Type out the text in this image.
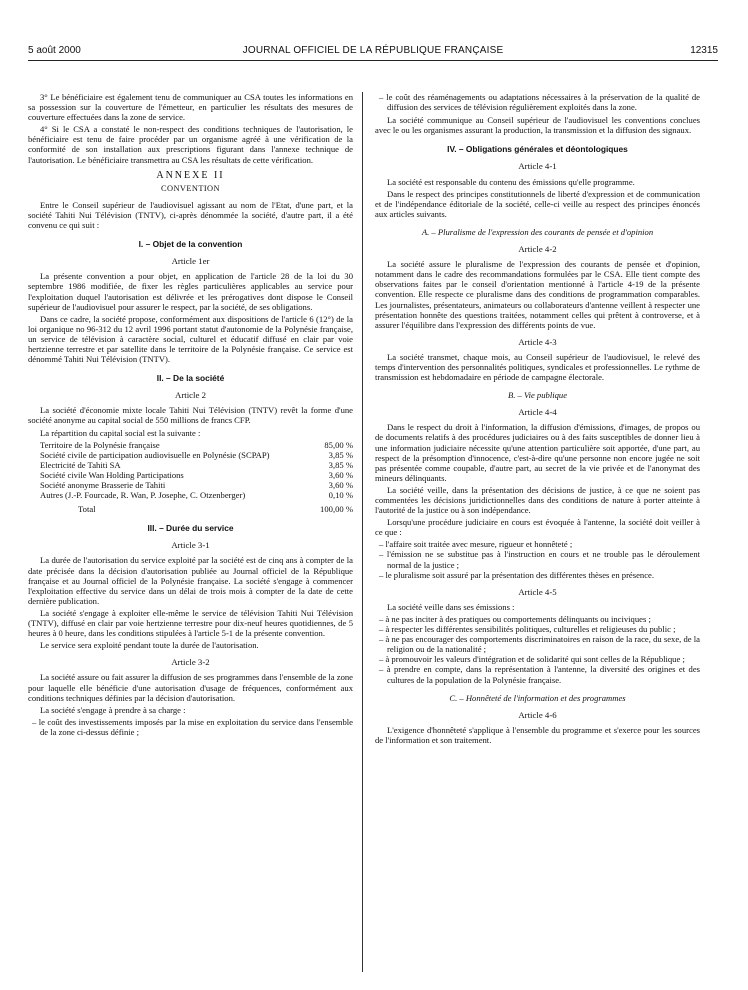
5 août 2000	JOURNAL OFFICIEL DE LA RÉPUBLIQUE FRANÇAISE	12315

3° Le bénéficiaire est également tenu de communiquer au CSA toutes les informations en sa possession sur la couverture de l'émetteur, en particulier les résultats des mesures de couverture effectuées dans la zone de service.

4° Si le CSA a constaté le non-respect des conditions techniques de l'autorisation, le bénéficiaire est tenu de faire procéder par un organisme agréé à une vérification de la conformité de son installation aux prescriptions figurant dans l'annexe technique de l'autorisation. Le bénéficiaire transmettra au CSA les résultats de cette vérification.

ANNEXE II
CONVENTION

Entre le Conseil supérieur de l'audiovisuel agissant au nom de l'Etat, d'une part, et la société Tahiti Nui Télévision (TNTV), ci-après dénommée la société, d'autre part, il a été convenu ce qui suit :

I. – Objet de la convention
Article 1er

La présente convention a pour objet, en application de l'article 28 de la loi du 30 septembre 1986 modifiée, de fixer les règles particulières applicables au service pour l'exploitation duquel l'autorisation est délivrée et les prérogatives dont dispose le Conseil supérieur de l'audiovisuel pour assurer le respect, par la société, de ses obligations.

Dans ce cadre, la société propose, conformément aux dispositions de l'article 6 (12°) de la loi organique no 96-312 du 12 avril 1996 portant statut d'autonomie de la Polynésie française, un service de télévision à caractère social, culturel et éducatif diffusé en clair par voie hertzienne terrestre et par satellite dans le territoire de la Polynésie française. Ce service est dénommé Tahiti Nui Télévision (TNTV).

II. – De la société
Article 2

La société d'économie mixte locale Tahiti Nui Télévision (TNTV) revêt la forme d'une société anonyme au capital social de 550 millions de francs CFP.

La répartition du capital social est la suivante :

Territoire de la Polynésie française		85,00 %
Société civile de participation audiovisuelle en Polynésie (SCPAP)		3,85 %
Electricité de Tahiti SA		3,85 %
Société civile Wan Holding Participations		3,60 %
Société anonyme Brasserie de Tahiti		3,60 %
Autres (J.-P. Fourcade, R. Wan, P. Josephe, C. Otzenberger)		0,10 %
Total		100,00 %
III. – Durée du service
Article 3-1

La durée de l'autorisation du service exploité par la société est de cinq ans à compter de la date précisée dans la décision d'autorisation publiée au Journal officiel de la République française et au Journal officiel de la Polynésie française. La société s'engage à commencer l'exploitation effective du service dans un délai de trois mois à compter de la date de cette dernière publication.

La société s'engage à exploiter elle-même le service de télévision Tahiti Nui Télévision (TNTV), diffusé en clair par voie hertzienne terrestre pour dix-neuf heures quotidiennes, de 5 heures à 0 heure, dans les conditions stipulées à l'article 5-1 de la présente convention.

Le service sera exploité pendant toute la durée de l'autorisation.

Article 3-2

La société assure ou fait assurer la diffusion de ses programmes dans l'ensemble de la zone pour laquelle elle bénéficie d'une autorisation d'usage de fréquences, conformément aux conditions techniques définies par la décision d'autorisation.

La société s'engage à prendre à sa charge :

– le coût des investissements imposés par la mise en exploitation du service dans l'ensemble de la zone ci-dessus définie ;
– le coût des réaménagements ou adaptations nécessaires à la préservation de la qualité de diffusion des services de télévision régulièrement exploités dans la zone.

La société communique au Conseil supérieur de l'audiovisuel les conventions conclues avec le ou les organismes assurant la production, la transmission et la diffusion des signaux.

IV. – Obligations générales et déontologiques
Article 4-1

La société est responsable du contenu des émissions qu'elle programme.

Dans le respect des principes constitutionnels de liberté d'expression et de communication et de l'indépendance éditoriale de la société, celle-ci veille au respect des principes énoncés aux articles suivants.

A. – Pluralisme de l'expression des courants de pensée et d'opinion
Article 4-2

La société assure le pluralisme de l'expression des courants de pensée et d'opinion, notamment dans le cadre des recommandations formulées par le CSA. Elle tient compte des observations faites par le conseil d'orientation mentionné à l'article 4-19 de la présente convention. Elle respecte ce pluralisme dans des conditions de programmation comparables. Les journalistes, présentateurs, animateurs ou collaborateurs d'antenne veillent à respecter une présentation honnête des questions traitées, notamment celles qui prêtent à controverse, et à assurer l'équilibre dans l'expression des différents points de vue.

Article 4-3

La société transmet, chaque mois, au Conseil supérieur de l'audiovisuel, le relevé des temps d'intervention des personnalités politiques, syndicales et professionnelles. Le rythme de transmission est hebdomadaire en période de campagne électorale.

B. – Vie publique
Article 4-4

Dans le respect du droit à l'information, la diffusion d'émissions, d'images, de propos ou de documents relatifs à des procédures judiciaires ou à des faits susceptibles de donner lieu à une information judiciaire nécessite qu'une attention particulière soit apportée, d'une part, au respect de la présomption d'innocence, c'est-à-dire qu'une personne non encore jugée ne soit pas présentée comme coupable, d'autre part, au secret de la vie privée et de l'anonymat des mineurs délinquants.

La société veille, dans la présentation des décisions de justice, à ce que ne soient pas commentées les décisions juridictionnelles dans des conditions de nature à porter atteinte à l'autorité de la justice ou à son indépendance.

Lorsqu'une procédure judiciaire en cours est évoquée à l'antenne, la société doit veiller à ce que :

– l'affaire soit traitée avec mesure, rigueur et honnêteté ;
– l'émission ne se substitue pas à l'instruction en cours et ne trouble pas le déroulement normal de la justice ;
– le pluralisme soit assuré par la présentation des différentes thèses en présence.
Article 4-5

La société veille dans ses émissions :

– à ne pas inciter à des pratiques ou comportements délinquants ou inciviques ;
– à respecter les différentes sensibilités politiques, culturelles et religieuses du public ;
– à ne pas encourager des comportements discriminatoires en raison de la race, du sexe, de la religion ou de la nationalité ;
– à promouvoir les valeurs d'intégration et de solidarité qui sont celles de la République ;
– à prendre en compte, dans la représentation à l'antenne, la diversité des origines et des cultures de la population de la Polynésie française.
C. – Honnêteté de l'information et des programmes
Article 4-6

L'exigence d'honnêteté s'applique à l'ensemble du programme et s'exerce pour les sources de l'information et son traitement.
